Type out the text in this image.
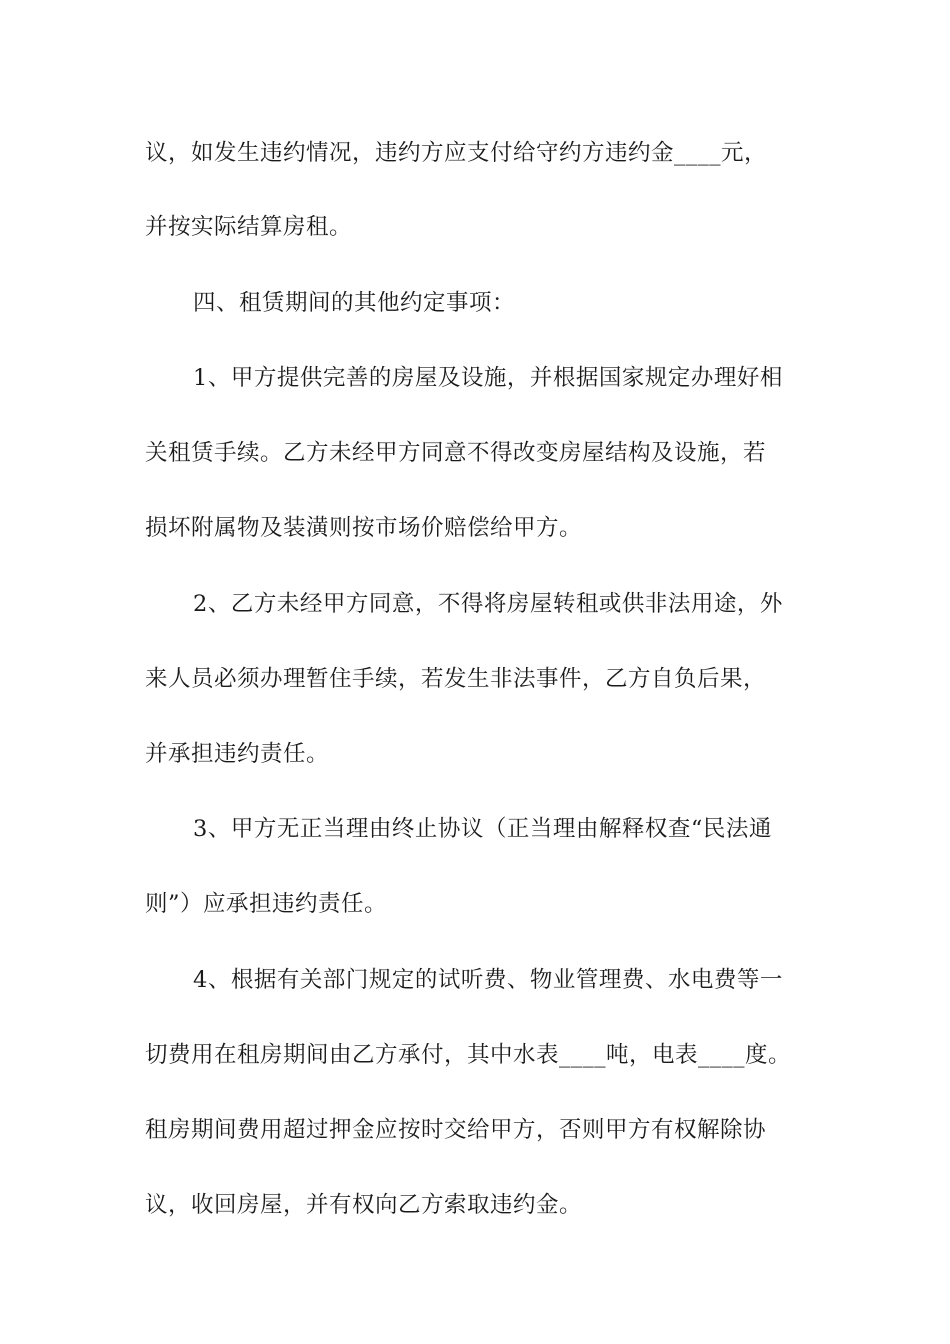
议，如发生违约情况，违约方应支付给守约方违约金____元，
并按实际结算房租。
四、租赁期间的其他约定事项：
1、甲方提供完善的房屋及设施，并根据国家规定办理好相
关租赁手续。乙方未经甲方同意不得改变房屋结构及设施，若
损坏附属物及装潢则按市场价赔偿给甲方。
2、乙方未经甲方同意，不得将房屋转租或供非法用途，外
来人员必须办理暂住手续，若发生非法事件，乙方自负后果，
并承担违约责任。
3、甲方无正当理由终止协议（正当理由解释权查“民法通
则”）应承担违约责任。
4、根据有关部门规定的试听费、物业管理费、水电费等一
切费用在租房期间由乙方承付，其中水表____吨，电表____度。
租房期间费用超过押金应按时交给甲方，否则甲方有权解除协
议，收回房屋，并有权向乙方索取违约金。
